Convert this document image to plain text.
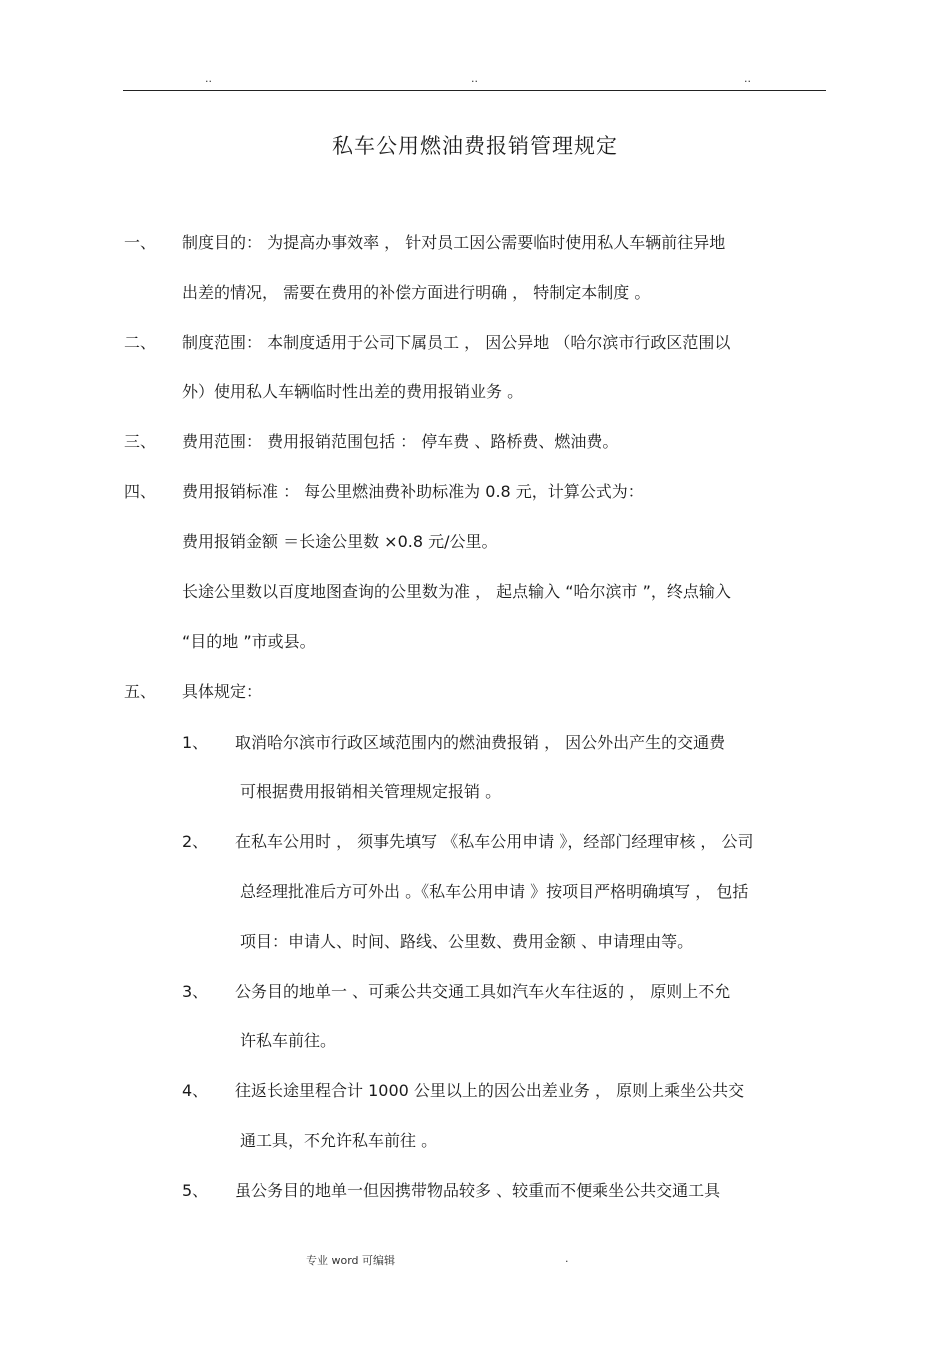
..	..	..
私车公用燃油费报销管理规定
一、 制度目的： 为提高办事效率 ， 针对员工因公需要临时使用私人车辆前往异地
出差的情况， 需要在费用的补偿方面进行明确 ， 特制定本制度 。
二、 制度范围： 本制度适用于公司下属员工 ， 因公异地 （哈尔滨市行政区范围以
外）使用私人车辆临时性出差的费用报销业务 。
三、 费用范围： 费用报销范围包括 ： 停车费 、路桥费、燃油费。
四、 费用报销标准 ： 每公里燃油费补助标准为 0.8 元，计算公式为：
费用报销金额 ＝长途公里数 ×0.8 元/公里。
长途公里数以百度地图查询的公里数为准 ， 起点输入 “哈尔滨市 ”，终点输入
“目的地 ”市或县。
五、 具体规定：
1、 取消哈尔滨市行政区域范围内的燃油费报销 ， 因公外出产生的交通费
可根据费用报销相关管理规定报销 。
2、 在私车公用时 ， 须事先填写 《私车公用申请 》，经部门经理审核 ， 公司
总经理批准后方可外出 。《私车公用申请 》按项目严格明确填写 ， 包括
项目：申请人、时间、路线、公里数、费用金额 、申请理由等。
3、 公务目的地单一 、可乘公共交通工具如汽车火车往返的 ， 原则上不允
许私车前往。
4、 往返长途里程合计 1000 公里以上的因公出差业务 ， 原则上乘坐公共交
通工具，不允许私车前往 。
5、 虽公务目的地单一但因携带物品较多 、较重而不便乘坐公共交通工具
专业 word 可编辑	.
